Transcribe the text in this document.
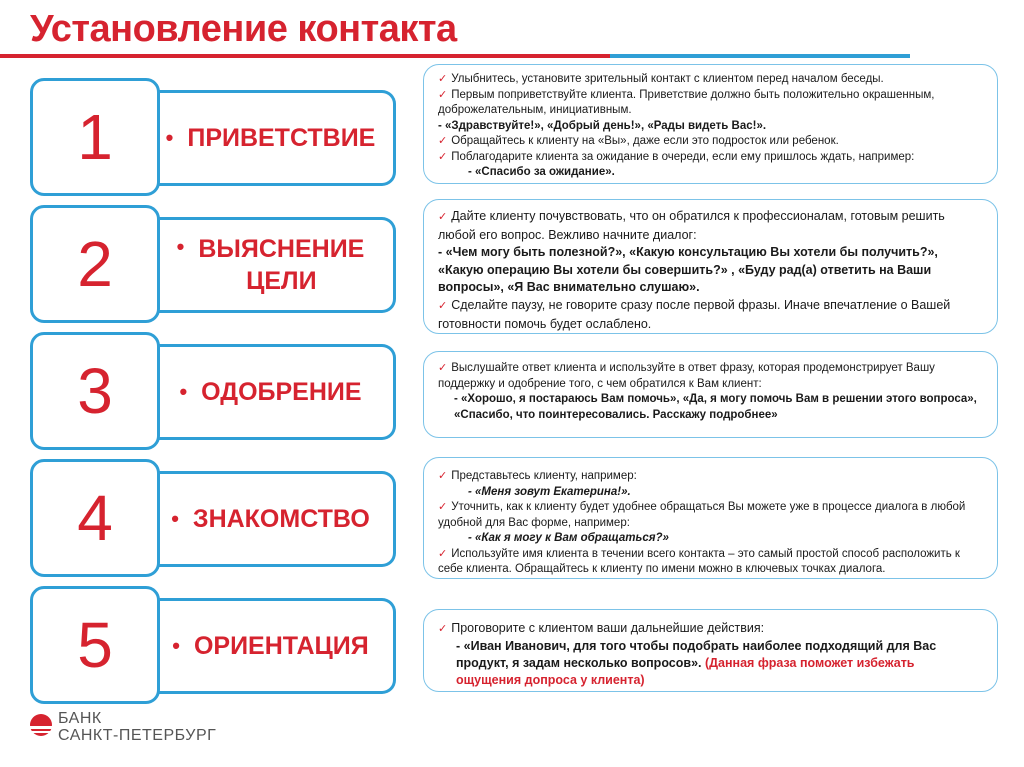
Установление контакта
• ПРИВЕТСТВИЕ
1
• ВЫЯСНЕНИЕ
ЦЕЛИ
2
• ОДОБРЕНИЕ
3
• ЗНАКОМСТВО
4
• ОРИЕНТАЦИЯ
5

✓ Улыбнитесь, установите зрительный контакт с клиентом перед началом беседы.

✓ Первым поприветствуйте клиента. Приветствие должно быть положительно окрашенным, доброжелательным, инициативным.

- «Здравствуйте!», «Добрый день!», «Рады видеть Вас!».

✓ Обращайтесь к клиенту на «Вы», даже если это подросток или ребенок.

✓ Поблагодарите клиента за ожидание в очереди, если ему пришлось ждать, например:

- «Спасибо за ожидание».

✓ Дайте клиенту почувствовать, что он обратился к профессионалам, готовым решить любой его вопрос. Вежливо начните диалог:

- «Чем могу быть полезной?», «Какую консультацию Вы хотели бы получить?», «Какую операцию Вы хотели бы совершить?» , «Буду рад(а) ответить на Ваши вопросы», «Я Вас внимательно слушаю».

✓ Сделайте паузу, не говорите сразу после первой фразы. Иначе впечатление о Вашей готовности помочь будет ослаблено.

✓ Выслушайте ответ клиента и используйте в ответ фразу, которая продемонстрирует Вашу поддержку и одобрение того, с чем обратился к Вам клиент:

- «Хорошо, я постараюсь Вам помочь», «Да, я могу помочь Вам в решении этого вопроса», «Спасибо, что поинтересовались. Расскажу подробнее»

✓ Представьтесь клиенту, например:

- «Меня зовут Екатерина!».

✓ Уточнить, как к клиенту будет удобнее обращаться Вы можете уже в процессе диалога в любой удобной для Вас форме, например:

- «Как я могу к Вам обращаться?»

✓ Используйте имя клиента в течении всего контакта – это самый простой способ расположить к себе клиента. Обращайтесь к клиенту по имени можно в ключевых точках диалога.

✓ Проговорите с клиентом ваши дальнейшие действия:

- «Иван Иванович, для того чтобы подобрать наиболее подходящий для Вас продукт, я задам несколько вопросов». (Данная фраза поможет избежать ощущения допроса у клиента)

БАНК
САНКТ-ПЕТЕРБУРГ
